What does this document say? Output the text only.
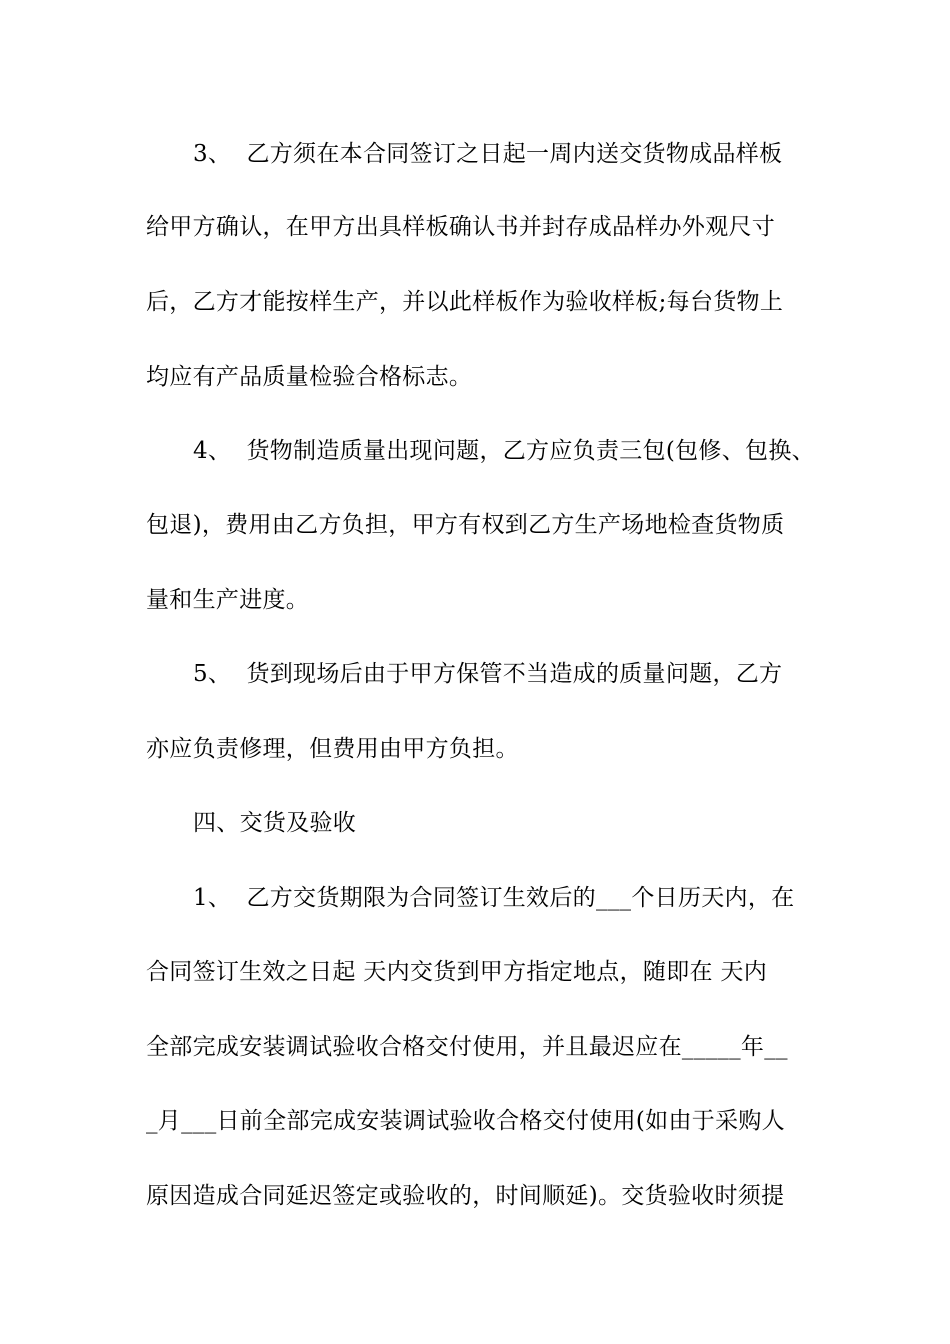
3、  乙方须在本合同签订之日起一周内送交货物成品样板
给甲方确认，在甲方出具样板确认书并封存成品样办外观尺寸
后，乙方才能按样生产，并以此样板作为验收样板;每台货物上
均应有产品质量检验合格标志。
4、  货物制造质量出现问题，乙方应负责三包(包修、包换、
包退)，费用由乙方负担，甲方有权到乙方生产场地检查货物质
量和生产进度。
5、  货到现场后由于甲方保管不当造成的质量问题，乙方
亦应负责修理，但费用由甲方负担。
四、交货及验收
1、  乙方交货期限为合同签订生效后的___个日历天内，在
合同签订生效之日起 天内交货到甲方指定地点，随即在 天内
全部完成安装调试验收合格交付使用，并且最迟应在_____年__
_月___日前全部完成安装调试验收合格交付使用(如由于采购人
原因造成合同延迟签定或验收的，时间顺延)。交货验收时须提
